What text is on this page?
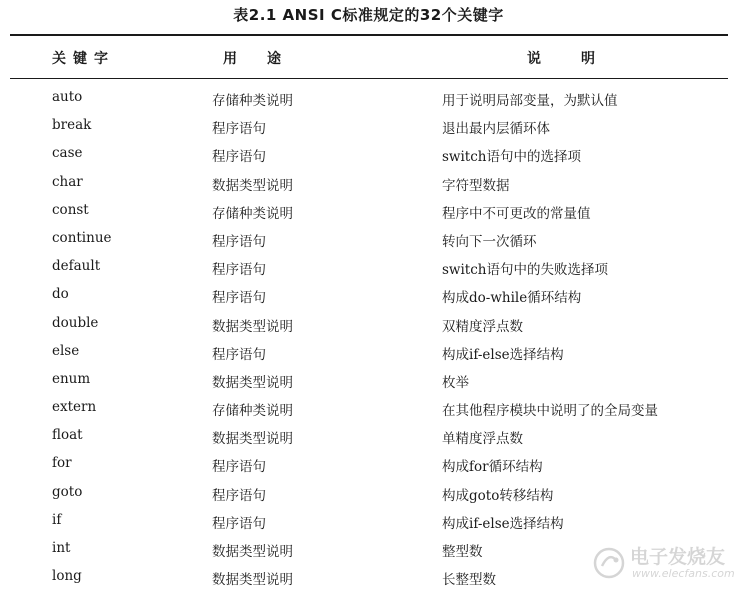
表2.1 ANSI C标准规定的32个关键字
关键字	用途	说明
auto	存储种类说明	用于说明局部变量，为默认值
break	程序语句	退出最内层循环体
case	程序语句	switch语句中的选择项
char	数据类型说明	字符型数据
const	存储种类说明	程序中不可更改的常量值
continue	程序语句	转向下一次循环
default	程序语句	switch语句中的失败选择项
do	程序语句	构成do-while循环结构
double	数据类型说明	双精度浮点数
else	程序语句	构成if-else选择结构
enum	数据类型说明	枚举
extern	存储种类说明	在其他程序模块中说明了的全局变量
float	数据类型说明	单精度浮点数
for	程序语句	构成for循环结构
goto	程序语句	构成goto转移结构
if	程序语句	构成if-else选择结构
int	数据类型说明	整型数
long	数据类型说明	长整型数
电子发烧友
www.elecfans.com
